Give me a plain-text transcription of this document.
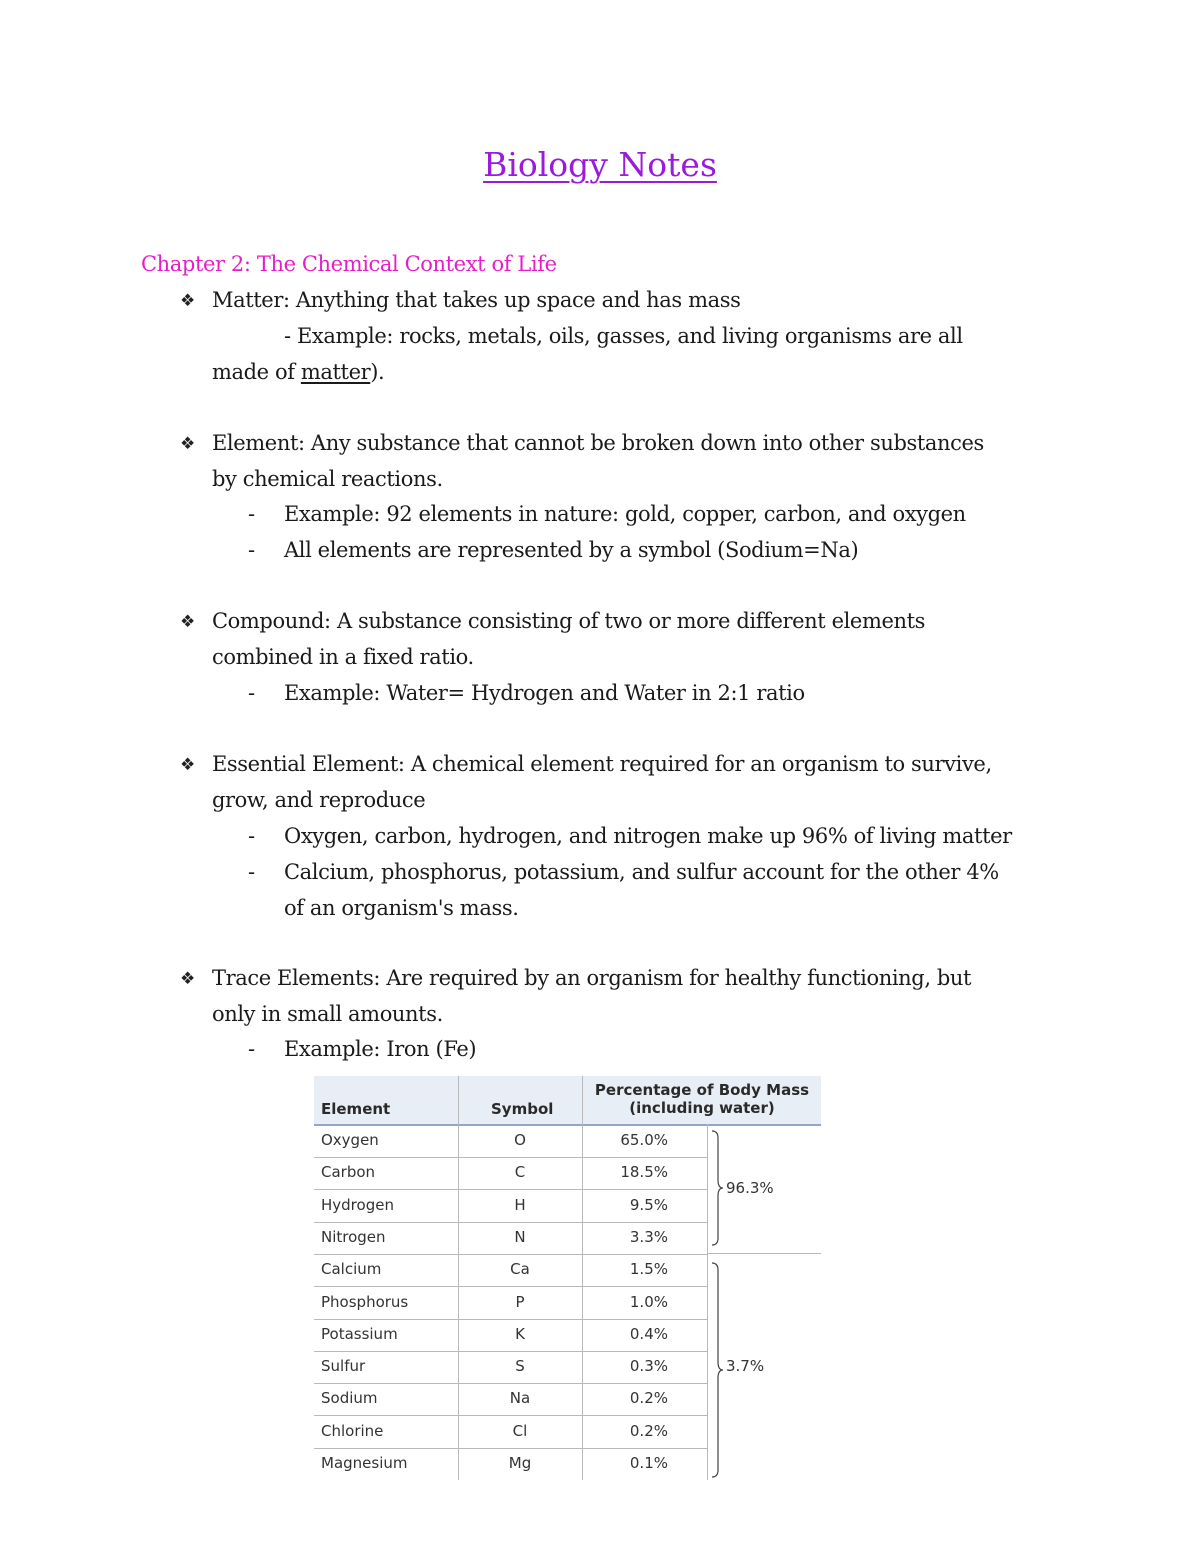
Biology Notes
Chapter 2: The Chemical Context of Life
❖ Matter: Anything that takes up space and has mass
- Example: rocks, metals, oils, gasses, and living organisms are all
made of matter).
❖ Element: Any substance that cannot be broken down into other substances
by chemical reactions.
- Example: 92 elements in nature: gold, copper, carbon, and oxygen
- All elements are represented by a symbol (Sodium=Na)
❖ Compound: A substance consisting of two or more different elements
combined in a fixed ratio.
- Example: Water= Hydrogen and Water in 2:1 ratio
❖ Essential Element: A chemical element required for an organism to survive,
grow, and reproduce
- Oxygen, carbon, hydrogen, and nitrogen make up 96% of living matter
- Calcium, phosphorus, potassium, and sulfur account for the other 4%
of an organism's mass.
❖ Trace Elements: Are required by an organism for healthy functioning, but
only in small amounts.
- Example: Iron (Fe)
Element	Symbol
Percentage of Body Mass
(including water)
Oxygen	O	65.0%
Carbon	C	18.5%
Hydrogen	H	9.5%
Nitrogen	N	3.3%
Calcium	Ca	1.5%
Phosphorus	P	1.0%
Potassium	K	0.4%
Sulfur	S	0.3%
Sodium	Na	0.2%
Chlorine	Cl	0.2%
Magnesium	Mg	0.1%
96.3%
3.7%
